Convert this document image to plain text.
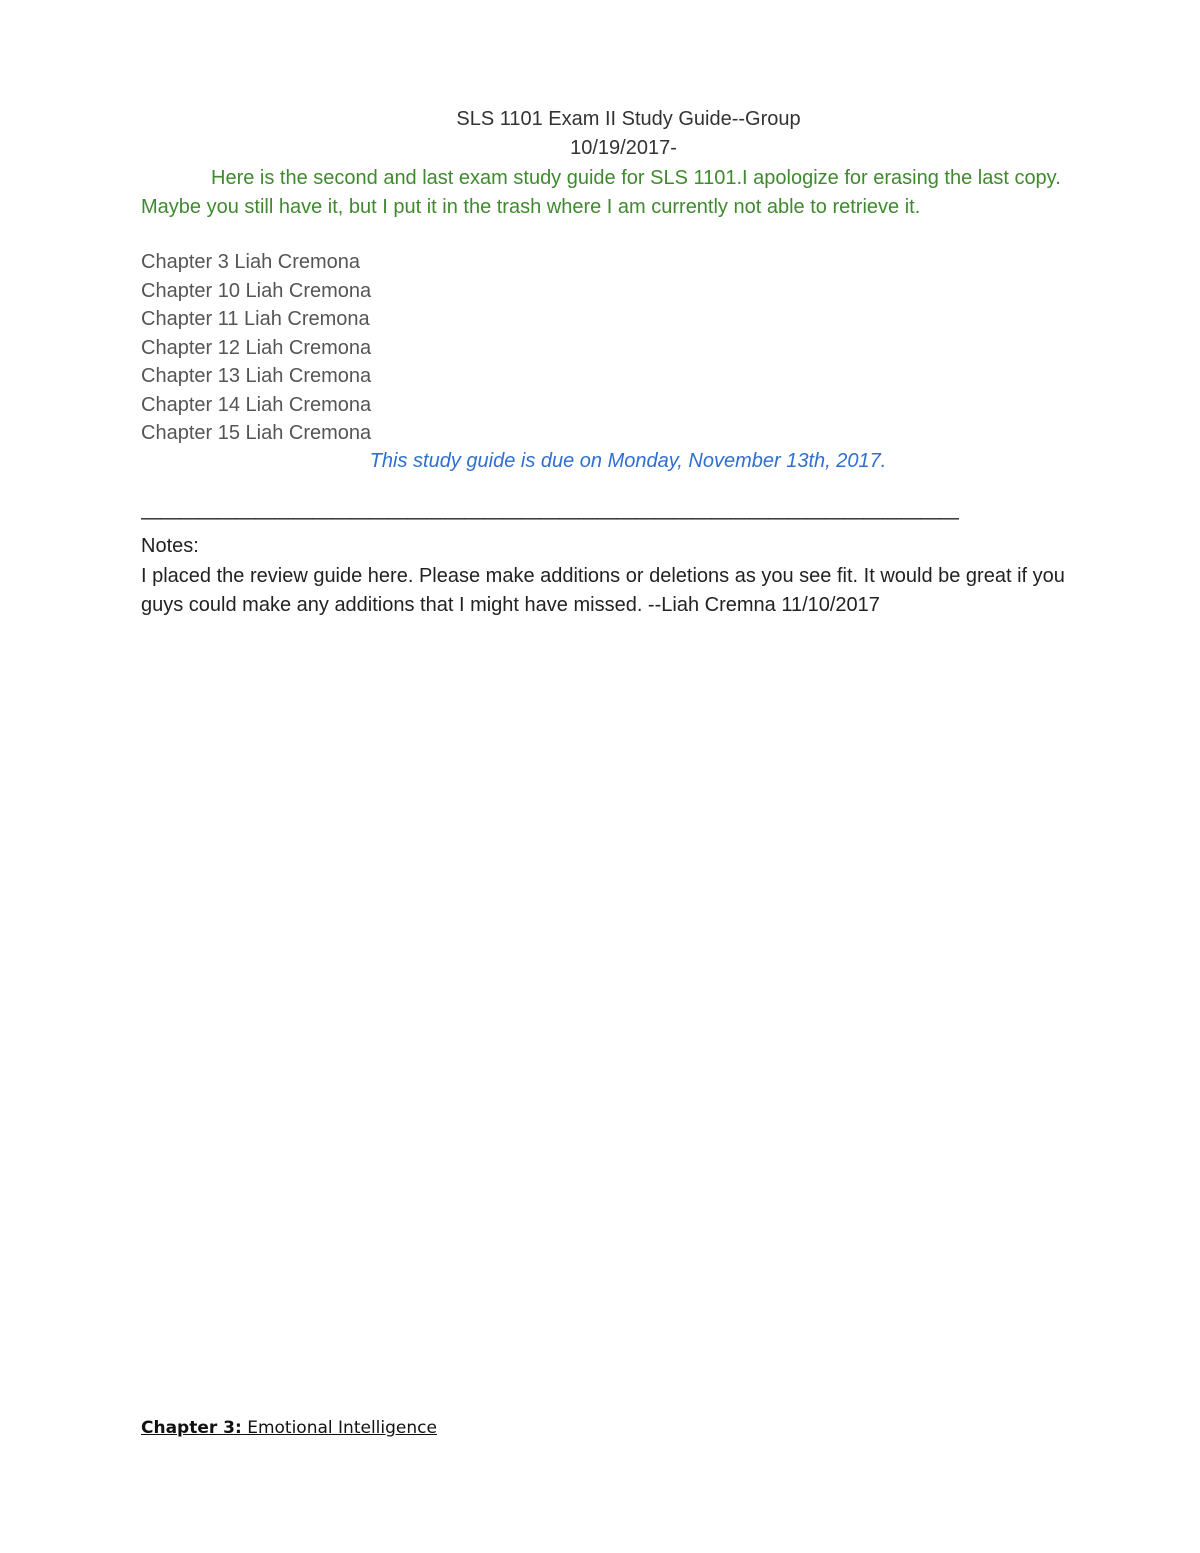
SLS 1101 Exam II Study Guide--Group
10/19/2017-
Here is the second and last exam study guide for SLS 1101.I apologize for erasing the last copy. Maybe you still have it, but I put it in the trash where I am currently not able to retrieve it.
Chapter 3 Liah Cremona
Chapter 10 Liah Cremona
Chapter 11 Liah Cremona
Chapter 12 Liah Cremona
Chapter 13 Liah Cremona
Chapter 14 Liah Cremona
Chapter 15 Liah Cremona
This study guide is due on Monday, November 13th, 2017.
———————————————————————————————————————————
Notes:
I placed the review guide here. Please make additions or deletions as you see fit. It would be great if you guys could make any additions that I might have missed. --Liah Cremna 11/10/2017
Chapter 3: Emotional Intelligence
